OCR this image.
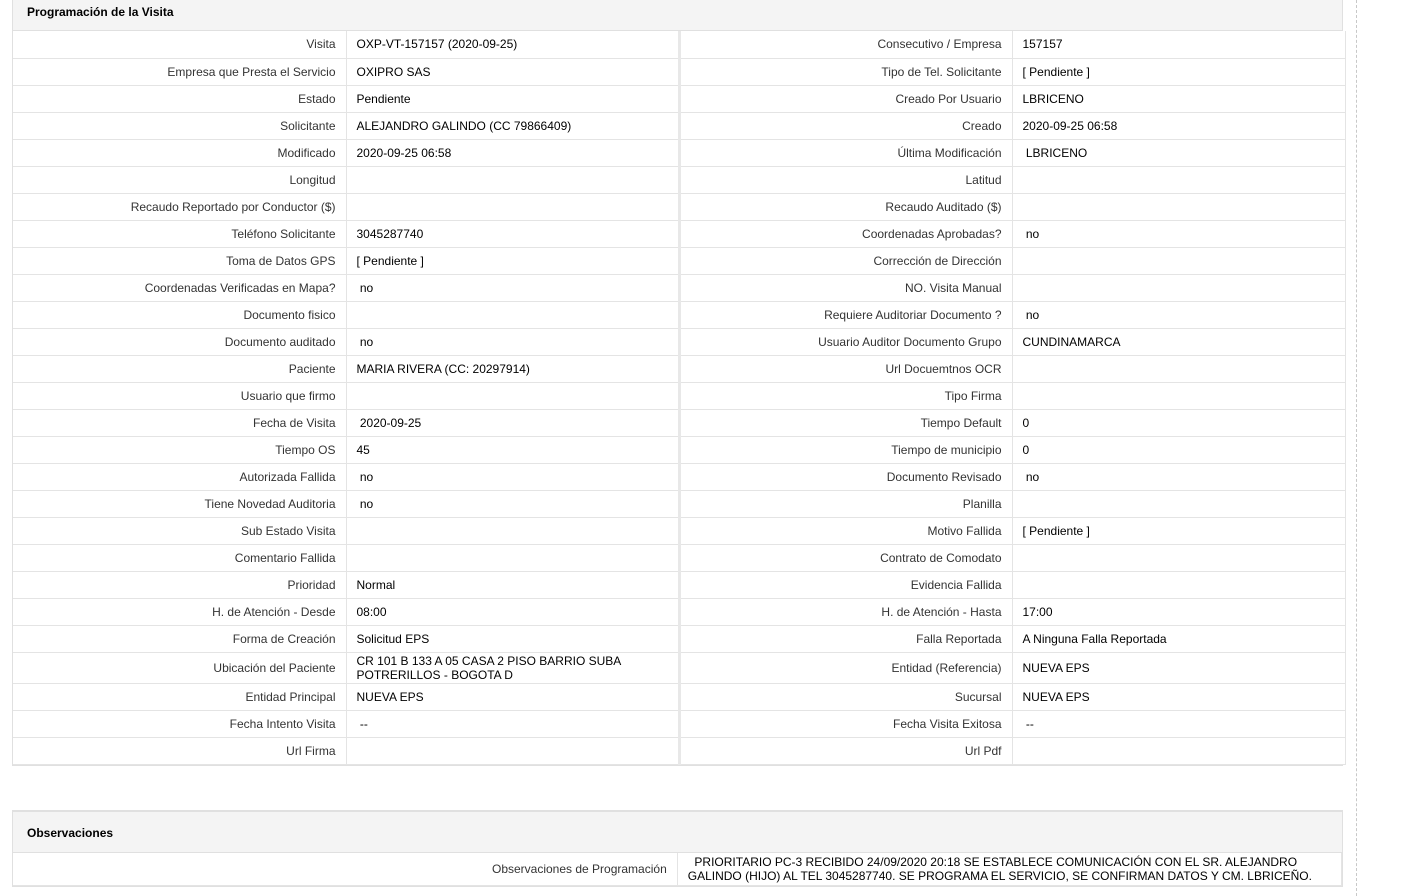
Programación de la Visita
Visita	OXP-VT-157157 (2020-09-25)	Consecutivo / Empresa	157157
Empresa que Presta el Servicio	OXIPRO SAS	Tipo de Tel. Solicitante	[ Pendiente ]
Estado	Pendiente	Creado Por Usuario	LBRICENO
Solicitante	ALEJANDRO GALINDO (CC 79866409)	Creado	2020-09-25 06:58
Modificado	2020-09-25 06:58	Última Modificación	LBRICENO
Longitud		Latitud	
Recaudo Reportado por Conductor ($)		Recaudo Auditado ($)	
Teléfono Solicitante	3045287740	Coordenadas Aprobadas?	no
Toma de Datos GPS	[ Pendiente ]	Corrección de Dirección	
Coordenadas Verificadas en Mapa?	no	NO. Visita Manual	
Documento fisico		Requiere Auditoriar Documento ?	no
Documento auditado	no	Usuario Auditor Documento Grupo	CUNDINAMARCA
Paciente	MARIA RIVERA (CC: 20297914)	Url Docuemtnos OCR	
Usuario que firmo		Tipo Firma	
Fecha de Visita	2020-09-25	Tiempo Default	0
Tiempo OS	45	Tiempo de municipio	0
Autorizada Fallida	no	Documento Revisado	no
Tiene Novedad Auditoria	no	Planilla	
Sub Estado Visita		Motivo Fallida	[ Pendiente ]
Comentario Fallida		Contrato de Comodato	
Prioridad	Normal	Evidencia Fallida	
H. de Atención - Desde	08:00	H. de Atención - Hasta	17:00
Forma de Creación	Solicitud EPS	Falla Reportada	A Ninguna Falla Reportada
Ubicación del Paciente	CR 101 B 133 A 05 CASA 2 PISO BARRIO SUBA POTRERILLOS - BOGOTA D	Entidad (Referencia)	NUEVA EPS
Entidad Principal	NUEVA EPS	Sucursal	NUEVA EPS
Fecha Intento Visita	--	Fecha Visita Exitosa	--
Url Firma		Url Pdf	
Observaciones
Observaciones de Programación	PRIORITARIO PC-3 RECIBIDO 24/09/2020 20:18 SE ESTABLECE COMUNICACIÓN CON EL SR. ALEJANDRO GALINDO (HIJO) AL TEL 3045287740. SE PROGRAMA EL SERVICIO, SE CONFIRMAN DATOS Y CM. LBRICEÑO.
